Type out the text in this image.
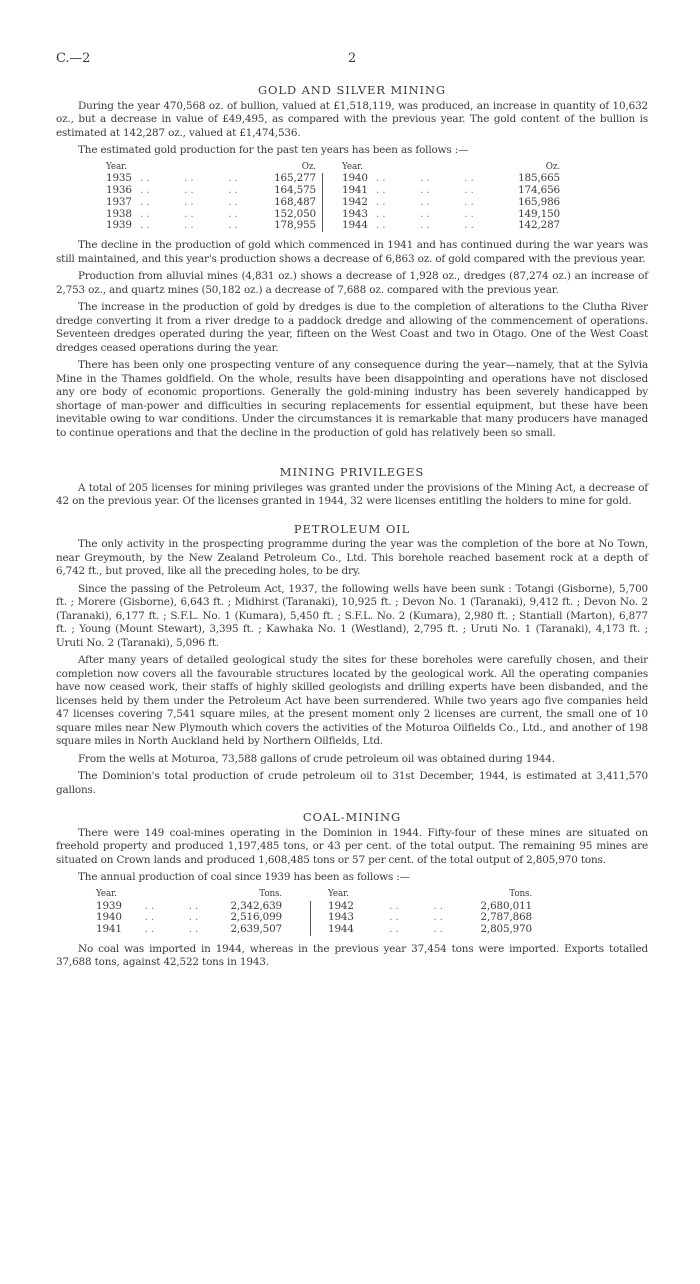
C.—2	2
GOLD AND SILVER MINING

During the year 470,568 oz. of bullion, valued at £1,518,119, was produced, an increase in quantity of 10,632 oz., but a decrease in value of £49,495, as compared with the previous year. The gold content of the bullion is estimated at 142,287 oz., valued at £1,474,536.

The estimated gold production for the past ten years has been as follows :—

Year.		Oz.		Year.		Oz.
1935	..     ..     ..	165,277		1940	..     ..     ..	185,665
1936	..     ..     ..	164,575		1941	..     ..     ..	174,656
1937	..     ..     ..	168,487		1942	..     ..     ..	165,986
1938	..     ..     ..	152,050		1943	..     ..     ..	149,150
1939	..     ..     ..	178,955		1944	..     ..     ..	142,287

The decline in the production of gold which commenced in 1941 and has continued during the war years was still maintained, and this year's production shows a decrease of 6,863 oz. of gold compared with the previous year.

Production from alluvial mines (4,831 oz.) shows a decrease of 1,928 oz., dredges (87,274 oz.) an increase of 2,753 oz., and quartz mines (50,182 oz.) a decrease of 7,688 oz. compared with the previous year.

The increase in the production of gold by dredges is due to the completion of alterations to the Clutha River dredge converting it from a river dredge to a paddock dredge and allowing of the commencement of operations. Seventeen dredges operated during the year, fifteen on the West Coast and two in Otago. One of the West Coast dredges ceased operations during the year.

There has been only one prospecting venture of any consequence during the year—namely, that at the Sylvia Mine in the Thames goldfield. On the whole, results have been disappointing and operations have not disclosed any ore body of economic proportions. Generally the gold-mining industry has been severely handicapped by shortage of man-power and difficulties in securing replacements for essential equipment, but these have been inevitable owing to war conditions. Under the circumstances it is remarkable that many producers have managed to continue operations and that the decline in the production of gold has relatively been so small.

MINING PRIVILEGES

A total of 205 licenses for mining privileges was granted under the provisions of the Mining Act, a decrease of 42 on the previous year. Of the licenses granted in 1944, 32 were licenses entitling the holders to mine for gold.

PETROLEUM OIL

The only activity in the prospecting programme during the year was the completion of the bore at No Town, near Greymouth, by the New Zealand Petroleum Co., Ltd. This borehole reached basement rock at a depth of 6,742 ft., but proved, like all the preceding holes, to be dry.

Since the passing of the Petroleum Act, 1937, the following wells have been sunk : Totangi (Gisborne), 5,700 ft. ; Morere (Gisborne), 6,643 ft. ; Midhirst (Taranaki), 10,925 ft. ; Devon No. 1 (Taranaki), 9,412 ft. ; Devon No. 2 (Taranaki), 6,177 ft. ; S.F.L. No. 1 (Kumara), 5,450 ft. ; S.F.L. No. 2 (Kumara), 2,980 ft. ; Stantiall (Marton), 6,877 ft. ; Young (Mount Stewart), 3,395 ft. ; Kawhaka No. 1 (Westland), 2,795 ft. ; Uruti No. 1 (Taranaki), 4,173 ft. ; Uruti No. 2 (Taranaki), 5,096 ft.

After many years of detailed geological study the sites for these boreholes were carefully chosen, and their completion now covers all the favourable structures located by the geological work. All the operating companies have now ceased work, their staffs of highly skilled geologists and drilling experts have been disbanded, and the licenses held by them under the Petroleum Act have been surrendered. While two years ago five companies held 47 licenses covering 7,541 square miles, at the present moment only 2 licenses are current, the small one of 10 square miles near New Plymouth which covers the activities of the Moturoa Oilfields Co., Ltd., and another of 198 square miles in North Auckland held by Northern Oilfields, Ltd.

From the wells at Moturoa, 73,588 gallons of crude petroleum oil was obtained during 1944.

The Dominion's total production of crude petroleum oil to 31st December, 1944, is estimated at 3,411,570 gallons.

COAL-MINING

There were 149 coal-mines operating in the Dominion in 1944. Fifty-four of these mines are situated on freehold property and produced 1,197,485 tons, or 43 per cent. of the total output. The remaining 95 mines are situated on Crown lands and produced 1,608,485 tons or 57 per cent. of the total output of 2,805,970 tons.

The annual production of coal since 1939 has been as follows :—

Year.		Tons.		Year.		Tons.
1939	..     ..	2,342,639		1942	..     ..	2,680,011
1940	..     ..	2,516,099		1943	..     ..	2,787,868
1941	..     ..	2,639,507		1944	..     ..	2,805,970

No coal was imported in 1944, whereas in the previous year 37,454 tons were imported. Exports totalled 37,688 tons, against 42,522 tons in 1943.
